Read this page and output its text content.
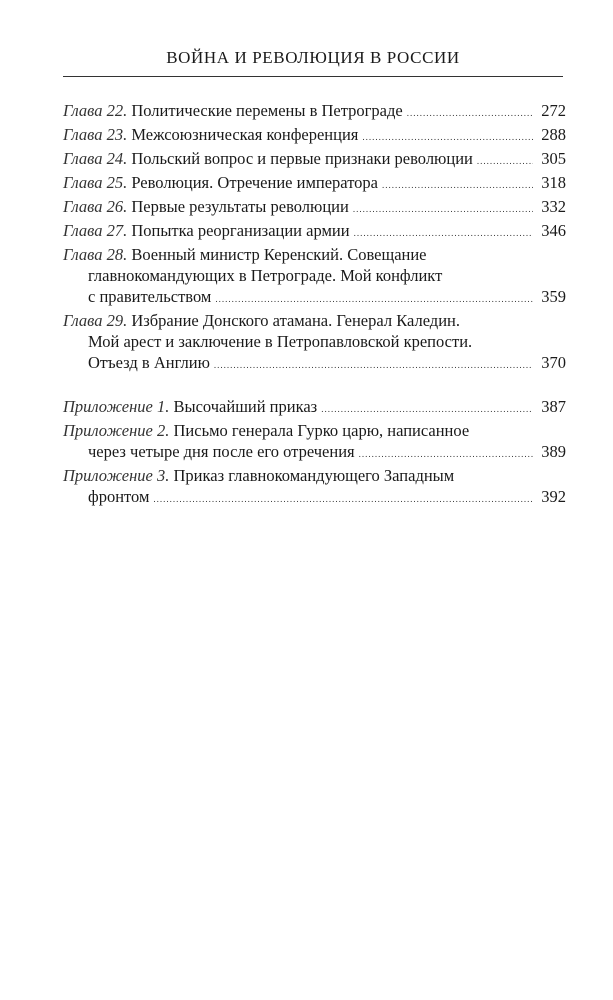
ВОЙНА И РЕВОЛЮЦИЯ В РОССИИ
Глава 22.
Политические перемены в Петрограде .....	272
Глава 23.
Межсоюзническая конференция .....	288
Глава 24.
Польский вопрос и первые признаки революции .....	305
Глава 25.
Революция. Отречение императора .....	318
Глава 26.
Первые результаты революции .....	332
Глава 27.
Попытка реорганизации армии .....	346
Глава 28.
Военный министр Керенский. Совещание
главнокомандующих в Петрограде. Мой конфликт
с правительством .....	359
Глава 29.
Избрание Донского атамана. Генерал Каледин.
Мой арест и заключение в Петропавловской крепости.
Отъезд в Англию .....	370
Приложение 1.
Высочайший приказ .....	387
Приложение 2.
Письмо генерала Гурко царю, написанное
через четыре дня после его отречения .....	389
Приложение 3.
Приказ главнокомандующего Западным
фронтом .....	392
